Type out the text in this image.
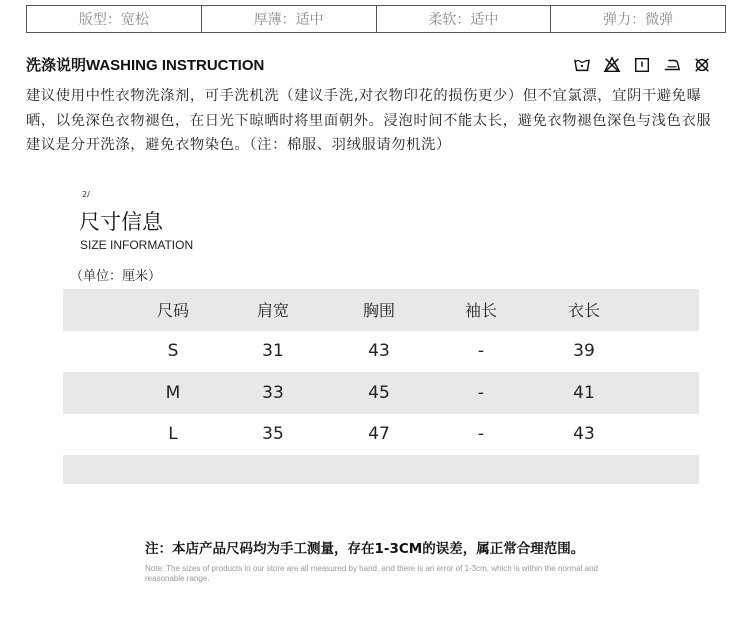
版型：宽松	厚薄：适中	柔软：适中	弹力：微弹
洗涤说明WASHING INSTRUCTION
建议使用中性衣物洗涤剂，可手洗机洗（建议手洗,对衣物印花的损伤更少）但不宜氯漂，宜阴干避免曝晒，以免深色衣物褪色，在日光下晾晒时将里面朝外。浸泡时间不能太长，避免衣物褪色深色与浅色衣服建议是分开洗涤，避免衣物染色。（注：棉服、羽绒服请勿机洗）
2/
尺寸信息
SIZE INFORMATION
（单位：厘米）
尺码	肩宽	胸围	袖长	衣长
S	31	43	-	39
M	33	45	-	41
L	35	47	-	43
注：本店产品尺码均为手工测量，存在1-3CM的误差，属正常合理范围。
Note: The sizes of products in our store are all measured by hand, and there is an error of 1-3cm, which is within the normal and reasonable range.
